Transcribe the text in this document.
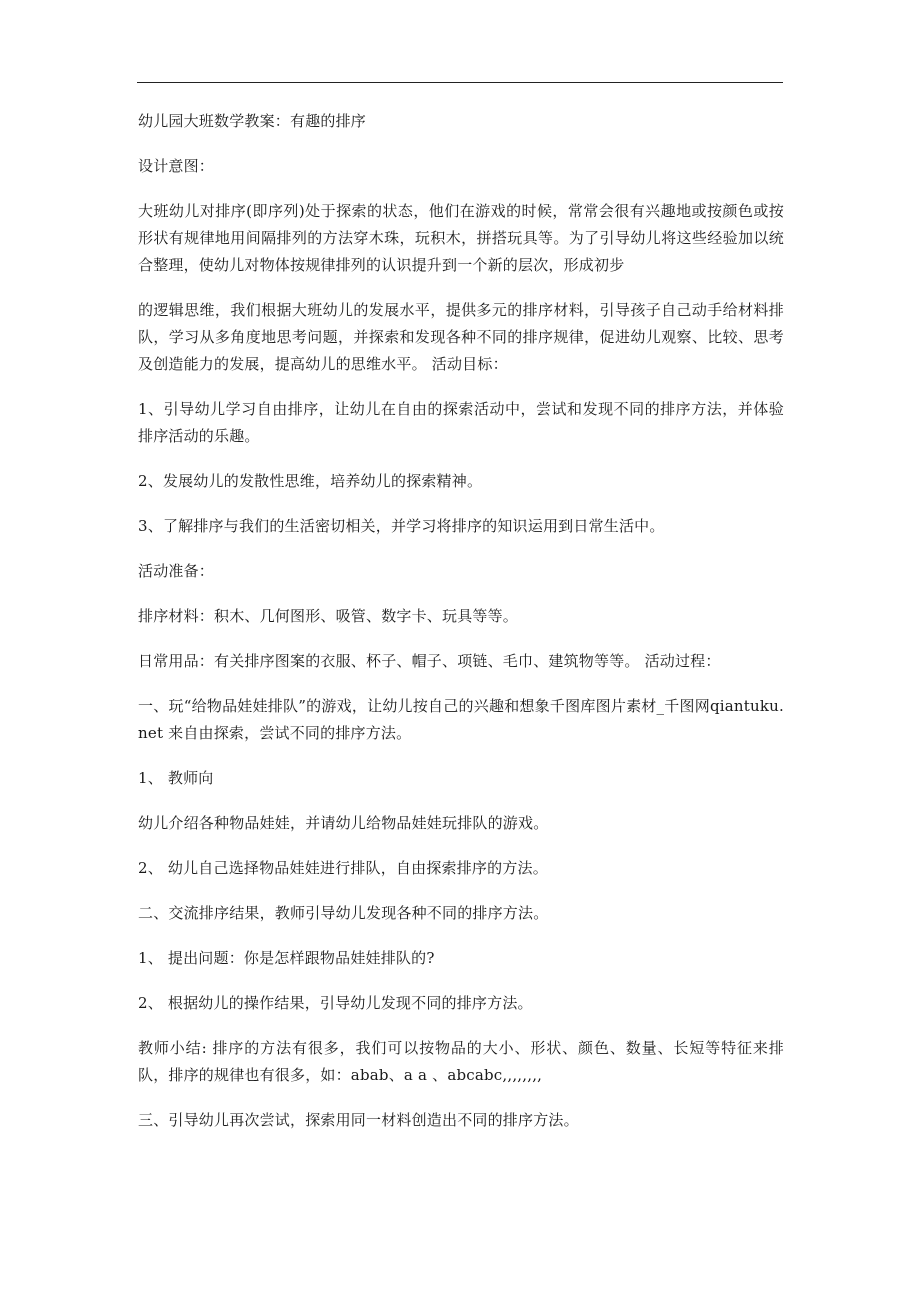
幼儿园大班数学教案：有趣的排序

设计意图：

大班幼儿对排序(即序列)处于探索的状态，他们在游戏的时候，常常会很有兴趣地或按颜色或按形状有规律地用间隔排列的方法穿木珠，玩积木，拼搭玩具等。为了引导幼儿将这些经验加以统合整理，使幼儿对物体按规律排列的认识提升到一个新的层次，形成初步

的逻辑思维，我们根据大班幼儿的发展水平，提供多元的排序材料，引导孩子自己动手给材料排队，学习从多角度地思考问题，并探索和发现各种不同的排序规律，促进幼儿观察、比较、思考及创造能力的发展，提高幼儿的思维水平。 活动目标：

1、引导幼儿学习自由排序，让幼儿在自由的探索活动中，尝试和发现不同的排序方法，并体验排序活动的乐趣。

2、发展幼儿的发散性思维，培养幼儿的探索精神。

3、了解排序与我们的生活密切相关，并学习将排序的知识运用到日常生活中。

活动准备：

排序材料：积木、几何图形、吸管、数字卡、玩具等等。

日常用品：有关排序图案的衣服、杯子、帽子、项链、毛巾、建筑物等等。 活动过程：

一、玩“给物品娃娃排队”的游戏，让幼儿按自己的兴趣和想象千图库图片素材_千图网qiantuku.net 来自由探索，尝试不同的排序方法。

1、 教师向

幼儿介绍各种物品娃娃，并请幼儿给物品娃娃玩排队的游戏。

2、 幼儿自己选择物品娃娃进行排队，自由探索排序的方法。

二、交流排序结果，教师引导幼儿发现各种不同的排序方法。

1、 提出问题：你是怎样跟物品娃娃排队的?

2、 根据幼儿的操作结果，引导幼儿发现不同的排序方法。

教师小结: 排序的方法有很多，我们可以按物品的大小、形状、颜色、数量、长短等特征来排队，排序的规律也有很多，如：abab、a a 、abcabc,,,,,,,,

三、引导幼儿再次尝试，探索用同一材料创造出不同的排序方法。
